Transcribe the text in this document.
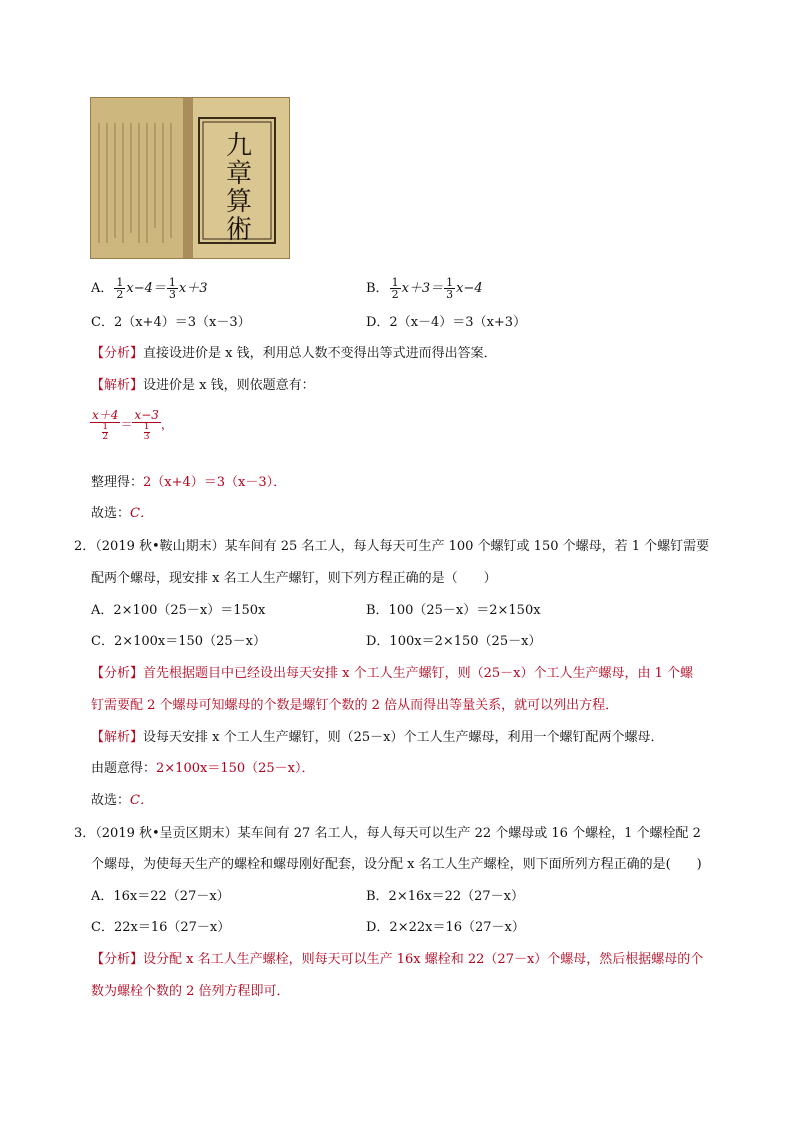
九章算術
A． $\frac{1}{2} x-4= \frac{1}{3} x+3$	B． $\frac{1}{2} x+3= \frac{1}{3} x-4$
C．2（x+4）＝3（x－3）	D．2（x－4）＝3（x+3）
【分析】直接设进价是 x 钱，利用总人数不变得出等式进而得出答案．
【解析】设进价是 x 钱，则依题意有：
$\frac{x+4}{\frac{1}{2}} = \frac{x-3}{\frac{1}{3}}$ ，
整理得：2（x+4）＝3（x－3）．
故选：C．
2．（2019 秋•鞍山期末）某车间有 25 名工人，每人每天可生产 100 个螺钉或 150 个螺母，若 1 个螺钉需要
配两个螺母，现安排 x 名工人生产螺钉，则下列方程正确的是（　　）
A．2×100（25－x）＝150x	B．100（25－x）＝2×150x
C．2×100x＝150（25－x）	D．100x＝2×150（25－x）
【分析】首先根据题目中已经设出每天安排 x 个工人生产螺钉，则（25－x）个工人生产螺母，由 1 个螺
钉需要配 2 个螺母可知螺母的个数是螺钉个数的 2 倍从而得出等量关系，就可以列出方程．
【解析】设每天安排 x 个工人生产螺钉，则（25－x）个工人生产螺母，利用一个螺钉配两个螺母．
由题意得：2×100x＝150（25－x）．
故选：C．
3．（2019 秋•呈贡区期末）某车间有 27 名工人，每人每天可以生产 22 个螺母或 16 个螺栓，1 个螺栓配 2
个螺母，为使每天生产的螺栓和螺母刚好配套，设分配 x 名工人生产螺栓，则下面所列方程正确的是(　　)
A．16x＝22（27－x）	B．2×16x＝22（27－x）
C．22x＝16（27－x）	D．2×22x＝16（27－x）
【分析】设分配 x 名工人生产螺栓，则每天可以生产 16x 螺栓和 22（27－x）个螺母，然后根据螺母的个
数为螺栓个数的 2 倍列方程即可．
